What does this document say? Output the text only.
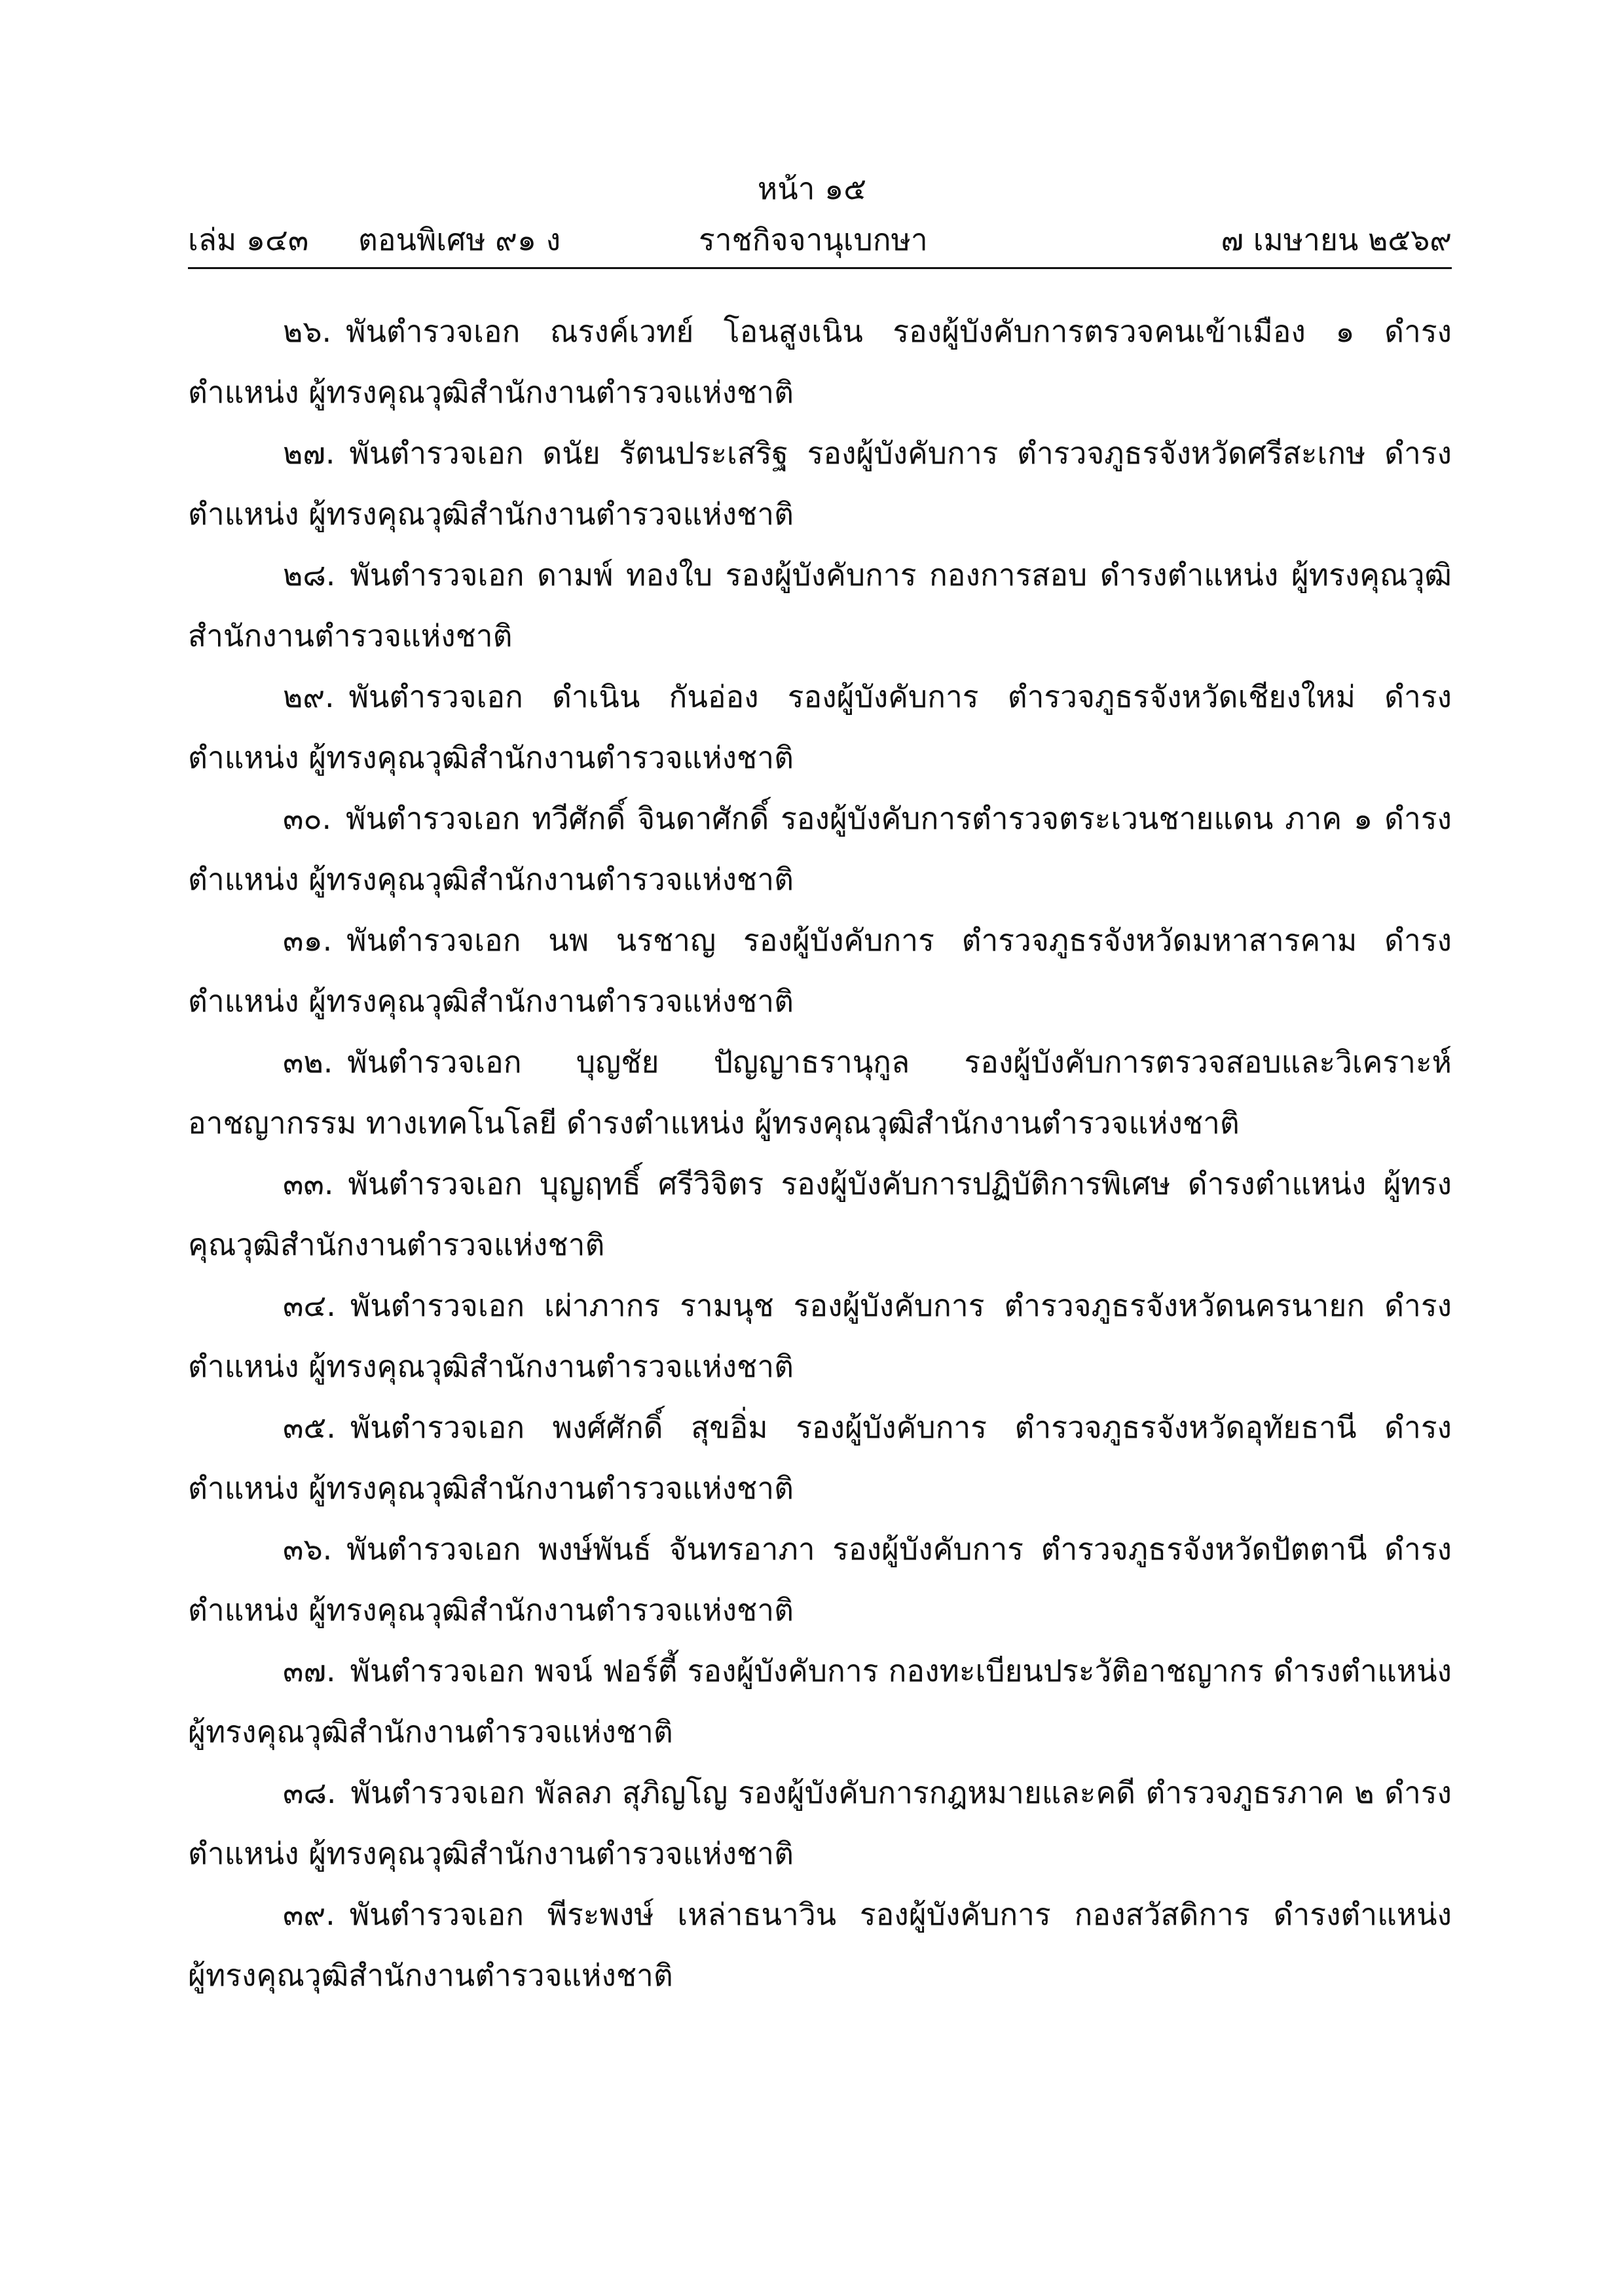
หน้า ๑๕
เล่ม ๑๔๓ ตอนพิเศษ ๙๑ ง	ราชกิจจานุเบกษา	๗ เมษายน ๒๕๖๙

๒๖. พันตำรวจเอก ณรงค์เวทย์ โอนสูงเนิน รองผู้บังคับการตรวจคนเข้าเมือง ๑ ดำรงตำแหน่ง ผู้ทรงคุณวุฒิสำนักงานตำรวจแห่งชาติ

๒๗. พันตำรวจเอก ดนัย รัตนประเสริฐ รองผู้บังคับการ ตำรวจภูธรจังหวัดศรีสะเกษ ดำรงตำแหน่ง ผู้ทรงคุณวุฒิสำนักงานตำรวจแห่งชาติ

๒๘. พันตำรวจเอก ดามพ์ ทองใบ รองผู้บังคับการ กองการสอบ ดำรงตำแหน่ง ผู้ทรงคุณวุฒิ สำนักงานตำรวจแห่งชาติ

๒๙. พันตำรวจเอก ดำเนิน กันอ่อง รองผู้บังคับการ ตำรวจภูธรจังหวัดเชียงใหม่ ดำรงตำแหน่ง ผู้ทรงคุณวุฒิสำนักงานตำรวจแห่งชาติ

๓๐. พันตำรวจเอก ทวีศักดิ์ จินดาศักดิ์ รองผู้บังคับการตำรวจตระเวนชายแดน ภาค ๑ ดำรงตำแหน่ง ผู้ทรงคุณวุฒิสำนักงานตำรวจแห่งชาติ

๓๑. พันตำรวจเอก นพ นรชาญ รองผู้บังคับการ ตำรวจภูธรจังหวัดมหาสารคาม ดำรงตำแหน่ง ผู้ทรงคุณวุฒิสำนักงานตำรวจแห่งชาติ

๓๒. พันตำรวจเอก บุญชัย ปัญญาธรานุกูล รองผู้บังคับการตรวจสอบและวิเคราะห์อาชญากรรม ทางเทคโนโลยี ดำรงตำแหน่ง ผู้ทรงคุณวุฒิสำนักงานตำรวจแห่งชาติ

๓๓. พันตำรวจเอก บุญฤทธิ์ ศรีวิจิตร รองผู้บังคับการปฏิบัติการพิเศษ ดำรงตำแหน่ง ผู้ทรงคุณวุฒิสำนักงานตำรวจแห่งชาติ

๓๔. พันตำรวจเอก เผ่าภากร รามนุช รองผู้บังคับการ ตำรวจภูธรจังหวัดนครนายก ดำรงตำแหน่ง ผู้ทรงคุณวุฒิสำนักงานตำรวจแห่งชาติ

๓๕. พันตำรวจเอก พงศ์ศักดิ์ สุขอิ่ม รองผู้บังคับการ ตำรวจภูธรจังหวัดอุทัยธานี ดำรงตำแหน่ง ผู้ทรงคุณวุฒิสำนักงานตำรวจแห่งชาติ

๓๖. พันตำรวจเอก พงษ์พันธ์ จันทรอาภา รองผู้บังคับการ ตำรวจภูธรจังหวัดปัตตานี ดำรงตำแหน่ง ผู้ทรงคุณวุฒิสำนักงานตำรวจแห่งชาติ

๓๗. พันตำรวจเอก พจน์ ฟอร์ตี้ รองผู้บังคับการ กองทะเบียนประวัติอาชญากร ดำรงตำแหน่ง ผู้ทรงคุณวุฒิสำนักงานตำรวจแห่งชาติ

๓๘. พันตำรวจเอก พัลลภ สุภิญโญ รองผู้บังคับการกฎหมายและคดี ตำรวจภูธรภาค ๒ ดำรงตำแหน่ง ผู้ทรงคุณวุฒิสำนักงานตำรวจแห่งชาติ

๓๙. พันตำรวจเอก พีระพงษ์ เหล่าธนาวิน รองผู้บังคับการ กองสวัสดิการ ดำรงตำแหน่ง ผู้ทรงคุณวุฒิสำนักงานตำรวจแห่งชาติ
